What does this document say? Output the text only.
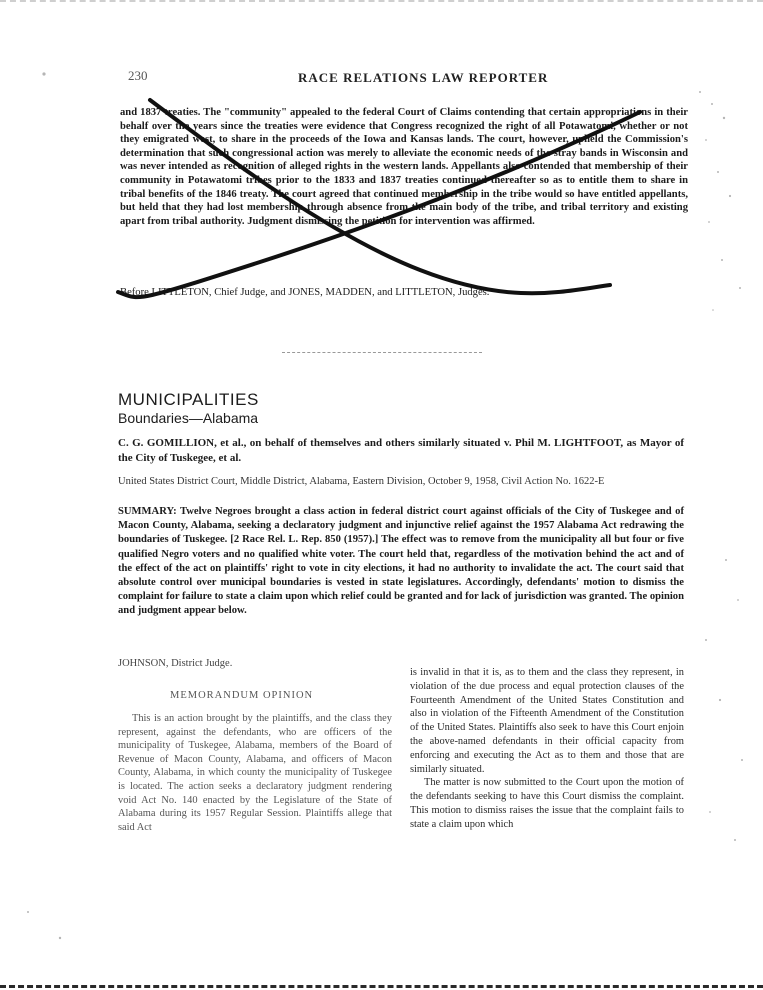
230	RACE RELATIONS LAW REPORTER
and 1837 treaties. The "community" appealed to the federal Court of Claims contending that certain appropriations in their behalf over the years since the treaties were evidence that Congress recognized the right of all Potawatomi, whether or not they emigrated west, to share in the proceeds of the Iowa and Kansas lands. The court, however, upheld the Commission's determination that such congressional action was merely to alleviate the economic needs of the stray bands in Wisconsin and was never intended as recognition of alleged rights in the western lands. Appellants also contended that membership of their community in Potawatomi tribes prior to the 1833 and 1837 treaties continued thereafter so as to entitle them to share in tribal benefits of the 1846 treaty. The court agreed that continued membership in the tribe would so have entitled appellants, but held that they had lost membership through absence from the main body of the tribe, and tribal territory and existing apart from tribal authority. Judgment dismissing the petition for intervention was affirmed.
Before LITTLETON, Chief Judge, and JONES, MADDEN, and LITTLETON, Judges.
MUNICIPALITIES
Boundaries—Alabama
C. G. GOMILLION, et al., on behalf of themselves and others similarly situated v. Phil M. LIGHTFOOT, as Mayor of the City of Tuskegee, et al.
United States District Court, Middle District, Alabama, Eastern Division, October 9, 1958, Civil Action No. 1622-E
SUMMARY: Twelve Negroes brought a class action in federal district court against officials of the City of Tuskegee and of Macon County, Alabama, seeking a declaratory judgment and injunctive relief against the 1957 Alabama Act redrawing the boundaries of Tuskegee. [2 Race Rel. L. Rep. 850 (1957).] The effect was to remove from the municipality all but four or five qualified Negro voters and no qualified white voter. The court held that, regardless of the motivation behind the act and of the effect of the act on plaintiffs' right to vote in city elections, it had no authority to invalidate the act. The court said that absolute control over municipal boundaries is vested in state legislatures. Accordingly, defendants' motion to dismiss the complaint for failure to state a claim upon which relief could be granted and for lack of jurisdiction was granted. The opinion and judgment appear below.
JOHNSON, District Judge.
MEMORANDUM OPINION

This is an action brought by the plaintiffs, and the class they represent, against the defendants, who are officers of the municipality of Tuskegee, Alabama, members of the Board of Revenue of Macon County, Alabama, and officers of Macon County, Alabama, in which county the municipality of Tuskegee is located. The action seeks a declaratory judgment rendering void Act No. 140 enacted by the Legislature of the State of Alabama during its 1957 Regular Session. Plaintiffs allege that said Act

is invalid in that it is, as to them and the class they represent, in violation of the due process and equal protection clauses of the Fourteenth Amendment of the United States Constitution and also in violation of the Fifteenth Amendment of the Constitution of the United States. Plaintiffs also seek to have this Court enjoin the above-named defendants in their official capacity from enforcing and executing the Act as to them and those that are similarly situated.

The matter is now submitted to the Court upon the motion of the defendants seeking to have this Court dismiss the complaint. This motion to dismiss raises the issue that the complaint fails to state a claim upon which
